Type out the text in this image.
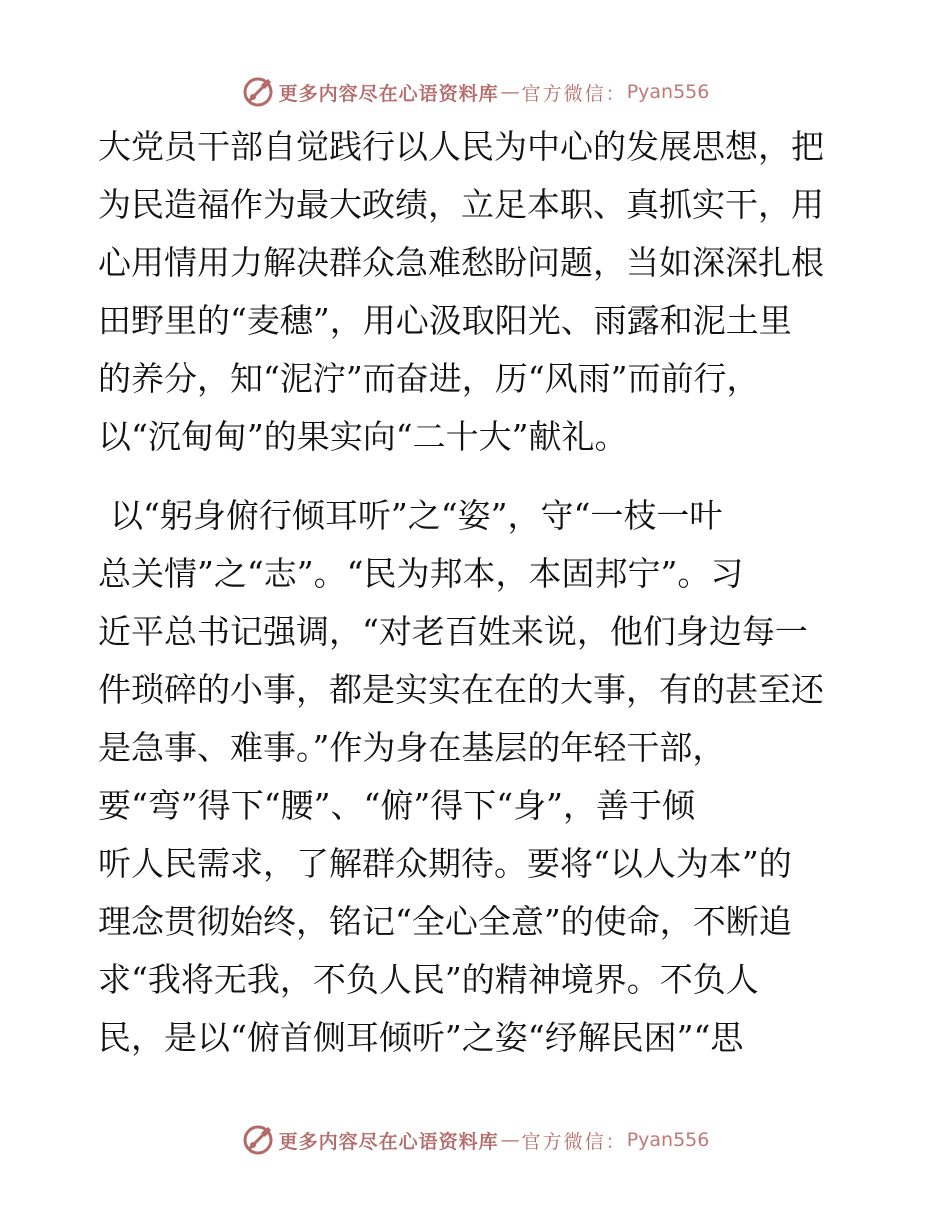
更多内容尽在心语资料库 — 官方微信： Pyan556
大党员干部自觉践行以人民为中心的发展思想，把
为民造福作为最大政绩，立足本职、真抓实干，用
心用情用力解决群众急难愁盼问题，当如深深扎根
田野里的“麦穗”，用心汲取阳光、雨露和泥土里
的养分，知“泥泞”而奋进，历“风雨”而前行，
以“沉甸甸”的果实向“二十大”献礼。
以“躬身俯行倾耳听”之“姿”，守“一枝一叶
总关情”之“志”。“民为邦本，本固邦宁”。习
近平总书记强调，“对老百姓来说，他们身边每一
件琐碎的小事，都是实实在在的大事，有的甚至还
是急事、难事。”作为身在基层的年轻干部，
要“弯”得下“腰”、“俯”得下“身”，善于倾
听人民需求，了解群众期待。要将“以人为本”的
理念贯彻始终，铭记“全心全意”的使命，不断追
求“我将无我，不负人民”的精神境界。不负人
民，是以“俯首侧耳倾听”之姿“纾解民困”“思
更多内容尽在心语资料库 — 官方微信： Pyan556
